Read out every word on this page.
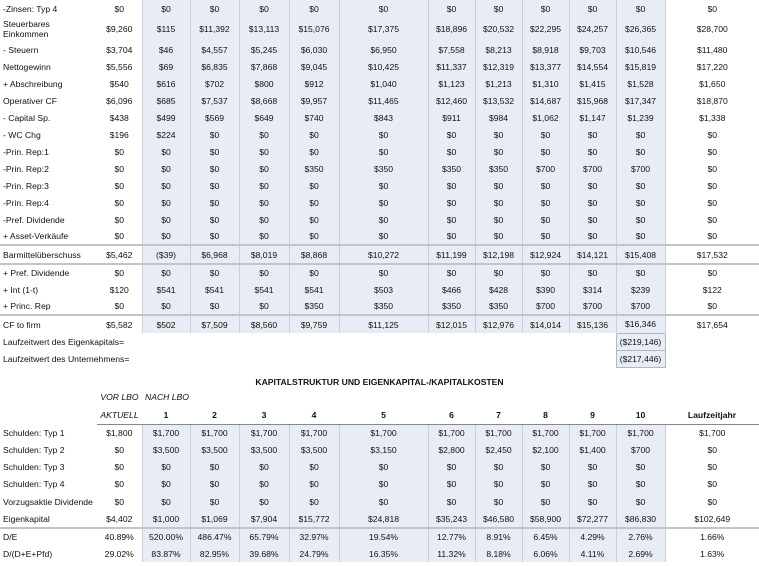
-Zinsen: Typ 4	$0	$0	$0	$0	$0	$0	$0	$0	$0	$0	$0	$0
Steuerbares Einkommen	$9,260	$115	$11,392	$13,113	$15,076	$17,375	$18,896	$20,532	$22,295	$24,257	$26,365	$28,700
- Steuern	$3,704	$46	$4,557	$5,245	$6,030	$6,950	$7,558	$8,213	$8,918	$9,703	$10,546	$11,480
Nettogewinn	$5,556	$69	$6,835	$7,868	$9,045	$10,425	$11,337	$12,319	$13,377	$14,554	$15,819	$17,220
+ Abschreibung	$540	$616	$702	$800	$912	$1,040	$1,123	$1,213	$1,310	$1,415	$1,528	$1,650
Operativer CF	$6,096	$685	$7,537	$8,668	$9,957	$11,465	$12,460	$13,532	$14,687	$15,968	$17,347	$18,870
- Capital Sp.	$438	$499	$569	$649	$740	$843	$911	$984	$1,062	$1,147	$1,239	$1,338
- WC Chg	$196	$224	$0	$0	$0	$0	$0	$0	$0	$0	$0	$0
-Prin. Rep:1	$0	$0	$0	$0	$0	$0	$0	$0	$0	$0	$0	$0
-Prin. Rep:2	$0	$0	$0	$0	$350	$350	$350	$350	$700	$700	$700	$0
-Prin. Rep:3	$0	$0	$0	$0	$0	$0	$0	$0	$0	$0	$0	$0
-Prin. Rep:4	$0	$0	$0	$0	$0	$0	$0	$0	$0	$0	$0	$0
-Pref. Dividende	$0	$0	$0	$0	$0	$0	$0	$0	$0	$0	$0	$0
+ Asset-Verkäufe	$0	$0	$0	$0	$0	$0	$0	$0	$0	$0	$0	$0
Barmittelüberschuss	$5,462	($39)	$6,968	$8,019	$8,868	$10,272	$11,199	$12,198	$12,924	$14,121	$15,408	$17,532
+ Pref. Dividende	$0	$0	$0	$0	$0	$0	$0	$0	$0	$0	$0	$0
+ Int (1-t)	$120	$541	$541	$541	$541	$503	$466	$428	$390	$314	$239	$122
+ Princ. Rep	$0	$0	$0	$0	$350	$350	$350	$350	$700	$700	$700	$0
CF to firm	$5,582	$502	$7,509	$8,560	$9,759	$11,125	$12,015	$12,976	$14,014	$15,136	$16,346	$17,654
Laufzeitwert des Eigenkapitals=											($219,146)	
Laufzeitwert des Unternehmens=											($217,446)	
KAPITALSTRUKTUR UND EIGENKAPITAL-/KAPITALKOSTEN
	VOR LBO	NACH LBO										
	AKTUELL	1	2	3	4	5	6	7	8	9	10	Laufzeitjahr
Schulden: Typ 1	$1,800	$1,700	$1,700	$1,700	$1,700	$1,700	$1,700	$1,700	$1,700	$1,700	$1,700	$1,700
Schulden: Typ 2	$0	$3,500	$3,500	$3,500	$3,500	$3,150	$2,800	$2,450	$2,100	$1,400	$700	$0
Schulden: Typ 3	$0	$0	$0	$0	$0	$0	$0	$0	$0	$0	$0	$0
Schulden: Typ 4	$0	$0	$0	$0	$0	$0	$0	$0	$0	$0	$0	$0
Vorzugsaktie Dividende	$0	$0	$0	$0	$0	$0	$0	$0	$0	$0	$0	$0
Eigenkapital	$4,402	$1,000	$1,069	$7,904	$15,772	$24,818	$35,243	$46,580	$58,900	$72,277	$86,830	$102,649
D/E	40.89%	520.00%	486.47%	65.79%	32.97%	19.54%	12.77%	8.91%	6.45%	4.29%	2.76%	1.66%
D/(D+E+Pfd)	29.02%	83.87%	82.95%	39.68%	24.79%	16.35%	11.32%	8.18%	6.06%	4.11%	2.69%	1.63%
